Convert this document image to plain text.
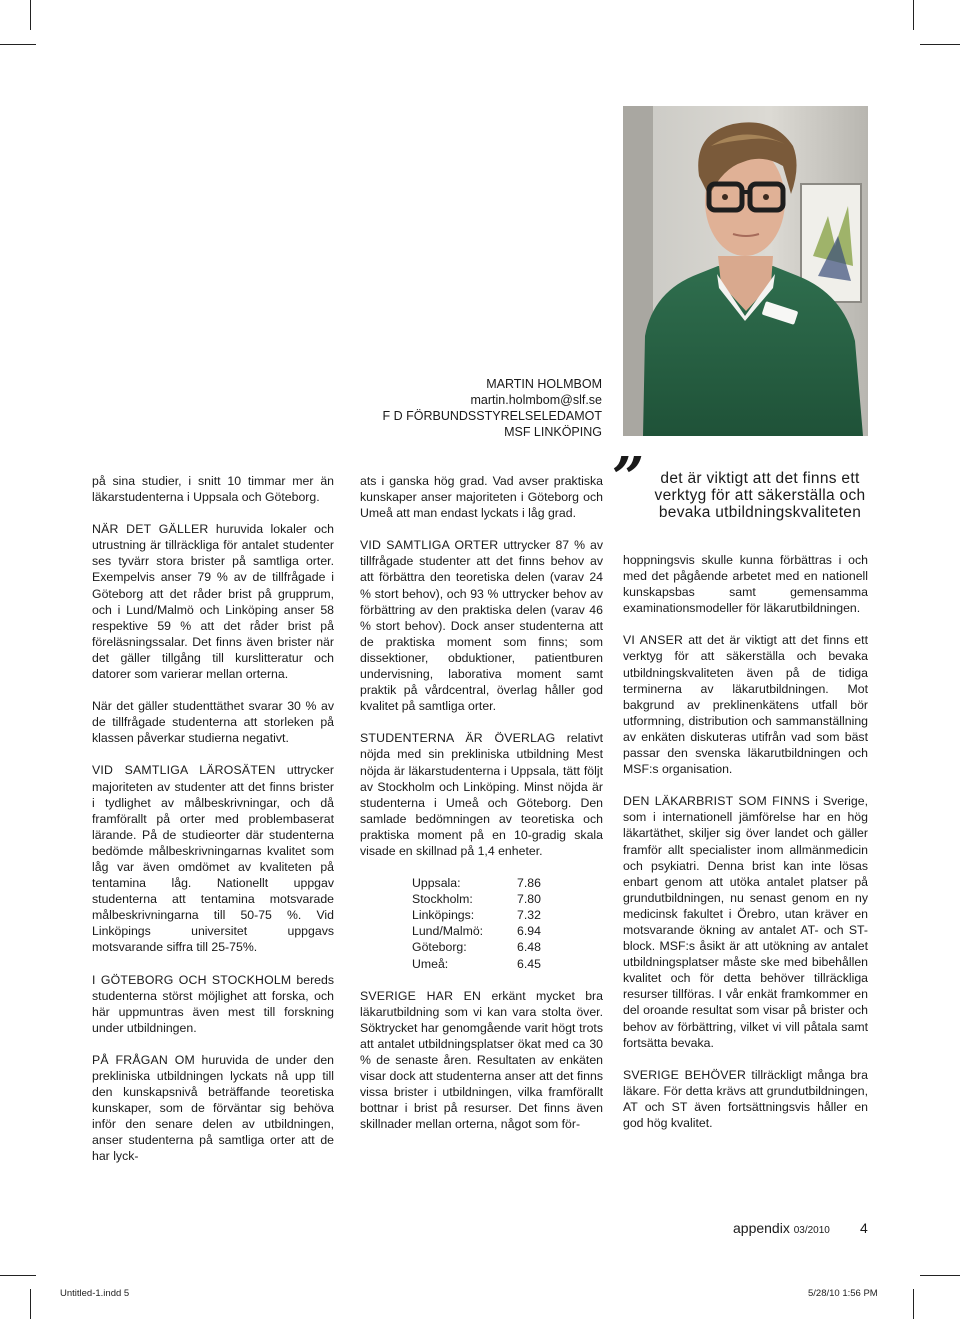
MARTIN HOLMBOM
martin.holmbom@slf.se
F D FÖRBUNDSSTYRELSELEDAMOT
MSF LINKÖPING

på sina studier, i snitt 10 timmar mer än läkarstudenterna i Uppsala och Göteborg.

NÄR DET GÄLLER huruvida lokaler och utrustning är tillräckliga för antalet studenter ses tyvärr stora brister på samtliga orter. Exempelvis anser 79 % av de tillfrågade i Göteborg att det råder brist på grupprum, och i Lund/Malmö och Linköping anser 58 respektive 59 % att det råder brist på föreläsningssalar. Det finns även brister när det gäller tillgång till kurslitteratur och datorer som varierar mellan orterna.

När det gäller studenttäthet svarar 30 % av de tillfrågade studenterna att storleken på klassen påverkar studierna negativt.

VID SAMTLIGA LÄROSÄTEN uttrycker majoriteten av studenter att det finns brister i tydlighet av målbeskrivningar, och då framförallt på orter med problembaserat lärande. På de studieorter där studenterna bedömde målbeskrivningarnas kvalitet som låg var även omdömet av kvaliteten på tentamina låg. Nationellt uppgav studenterna att tentamina motsvarade målbeskrivningarna till 50-75 %. Vid Linköpings universitet uppgavs motsvarande siffra till 25-75%.

I GÖTEBORG OCH STOCKHOLM bereds studenterna störst möjlighet att forska, och här uppmuntras även mest till forskning under utbildningen.

PÅ FRÅGAN OM huruvida de under den prekliniska utbildningen lyckats nå upp till den kunskapsnivå beträffande teoretiska kunskaper, som de förväntar sig behöva inför den senare delen av utbildningen, anser studenterna på samtliga orter att de har lyck-

ats i ganska hög grad. Vad avser praktiska kunskaper anser majoriteten i Göteborg och Umeå att man endast lyckats i låg grad.

VID SAMTLIGA ORTER uttrycker 87 % av tillfrågade studenter att det finns behov av att förbättra den teoretiska delen (varav 24 % stort behov), och 93 % uttrycker behov av förbättring av den praktiska delen (varav 46 % stort behov). Dock anser studenterna att de praktiska moment som finns; som dissektioner, obduktioner, patientburen undervisning, laborativa moment samt praktik på vårdcentral, överlag håller god kvalitet på samtliga orter.

STUDENTERNA ÄR ÖVERLAG relativt nöjda med sin prekliniska utbildning Mest nöjda är läkarstudenterna i Uppsala, tätt följt av Stockholm och Linköping. Minst nöjda är studenterna i Umeå och Göteborg. Den samlade bedömningen av teoretiska och praktiska moment på en 10-gradig skala visade en skillnad på 1,4 enheter.

Uppsala:	7.86
Stockholm:	7.80
Linköpings:	7.32
Lund/Malmö:	6.94
Göteborg:	6.48
Umeå:	6.45

SVERIGE HAR EN erkänt mycket bra läkarutbildning som vi kan vara stolta över. Söktrycket har genomgående varit högt trots att antalet utbildningsplatser ökat med ca 30 % de senaste åren. Resultaten av enkäten visar dock att studenterna anser att det finns vissa brister i utbildningen, vilka framförallt bottnar i brist på resurser. Det finns även skillnader mellan orterna, något som för-

”	det är viktigt att det finns ett verktyg för att säkerställa och bevaka utbildningskvaliteten

hoppningsvis skulle kunna förbättras i och med det pågående arbetet med en nationell kunskapsbas samt gemensamma examinationsmodeller för läkarutbildningen.

VI ANSER att det är viktigt att det finns ett verktyg för att säkerställa och bevaka utbildningskvaliteten även på de tidiga terminerna av läkarutbildningen. Mot bakgrund av preklinenkätens utfall bör utformning, distribution och sammanställning av enkäten diskuteras utifrån vad som bäst passar den svenska läkarutbildningen och MSF:s organisation.

DEN LÄKARBRIST SOM FINNS i Sverige, som i internationell jämförelse har en hög läkartäthet, skiljer sig över landet och gäller framför allt specialister inom allmänmedicin och psykiatri. Denna brist kan inte lösas enbart genom att utöka antalet platser på grundutbildningen, nu senast genom en ny medicinsk fakultet i Örebro, utan kräver en motsvarande ökning av antalet AT- och ST-block. MSF:s åsikt är att utökning av antalet utbildningsplatser måste ske med bibehållen kvalitet och för detta behöver tillräckliga resurser tillföras. I vår enkät framkommer en del oroande resultat som visar på brister och behov av förbättring, vilket vi vill påtala samt fortsätta bevaka.

SVERIGE BEHÖVER tillräckligt många bra läkare. För detta krävs att grundutbildningen, AT och ST även fortsättningsvis håller en god hög kvalitet.

appendix 03/2010 4
Untitled-1.indd 5	5/28/10 1:56 PM
